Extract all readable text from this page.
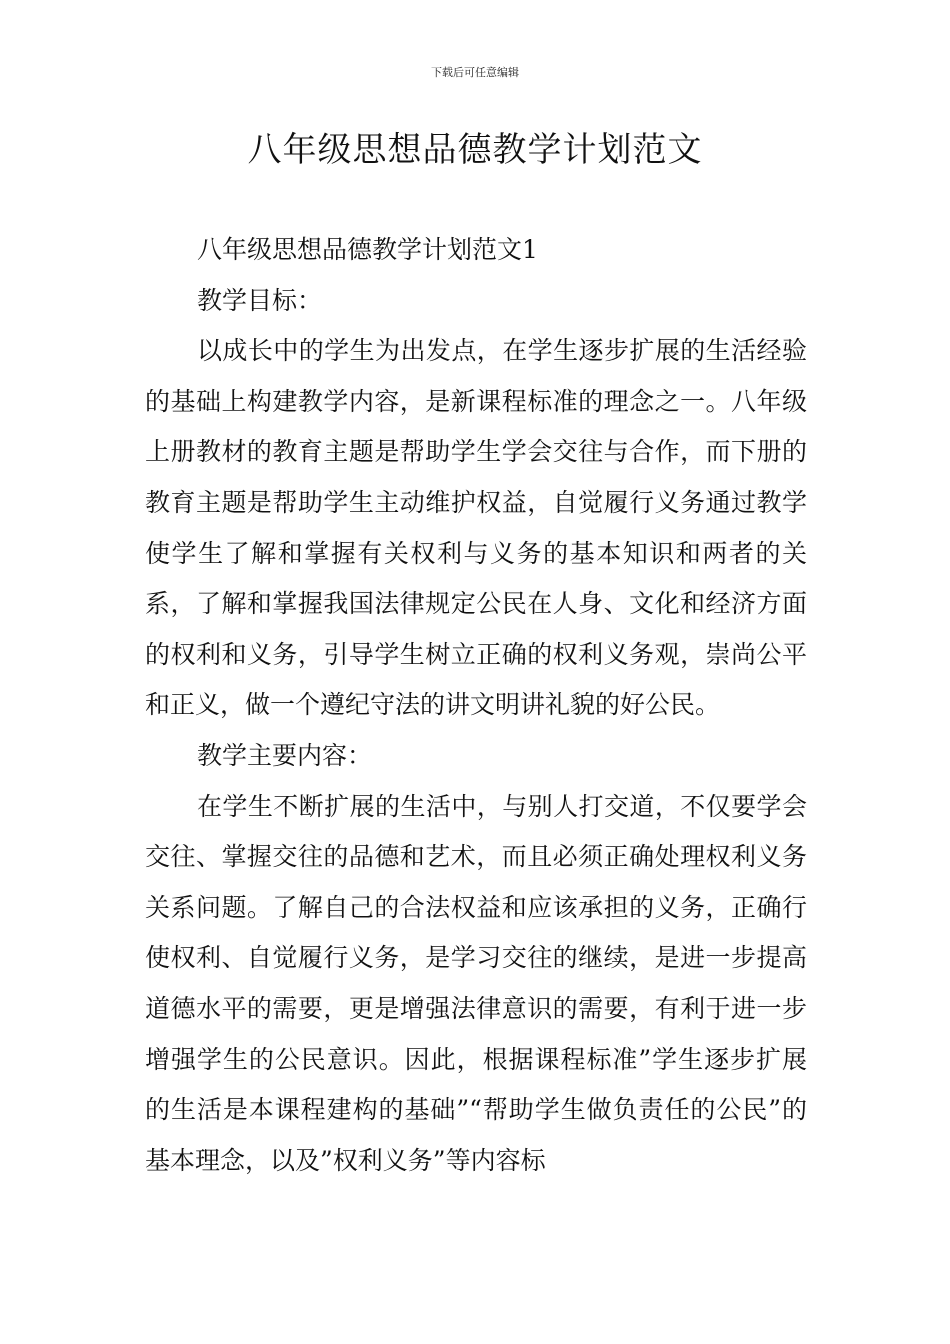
下载后可任意编辑
八年级思想品德教学计划范文

八年级思想品德教学计划范文1

教学目标：

以成长中的学生为出发点，在学生逐步扩展的生活经验的基础上构建教学内容，是新课程标准的理念之一。八年级上册教材的教育主题是帮助学生学会交往与合作，而下册的教育主题是帮助学生主动维护权益，自觉履行义务通过教学使学生了解和掌握有关权利与义务的基本知识和两者的关系，了解和掌握我国法律规定公民在人身、文化和经济方面的权利和义务，引导学生树立正确的权利义务观，崇尚公平和正义，做一个遵纪守法的讲文明讲礼貌的好公民。

教学主要内容：

在学生不断扩展的生活中，与别人打交道，不仅要学会交往、掌握交往的品德和艺术，而且必须正确处理权利义务关系问题。了解自己的合法权益和应该承担的义务，正确行使权利、自觉履行义务，是学习交往的继续，是进一步提高道德水平的需要，更是增强法律意识的需要，有利于进一步增强学生的公民意识。因此，根据课程标准”学生逐步扩展的生活是本课程建构的基础”“帮助学生做负责任的公民”的基本理念，以及”权利义务”等内容标
